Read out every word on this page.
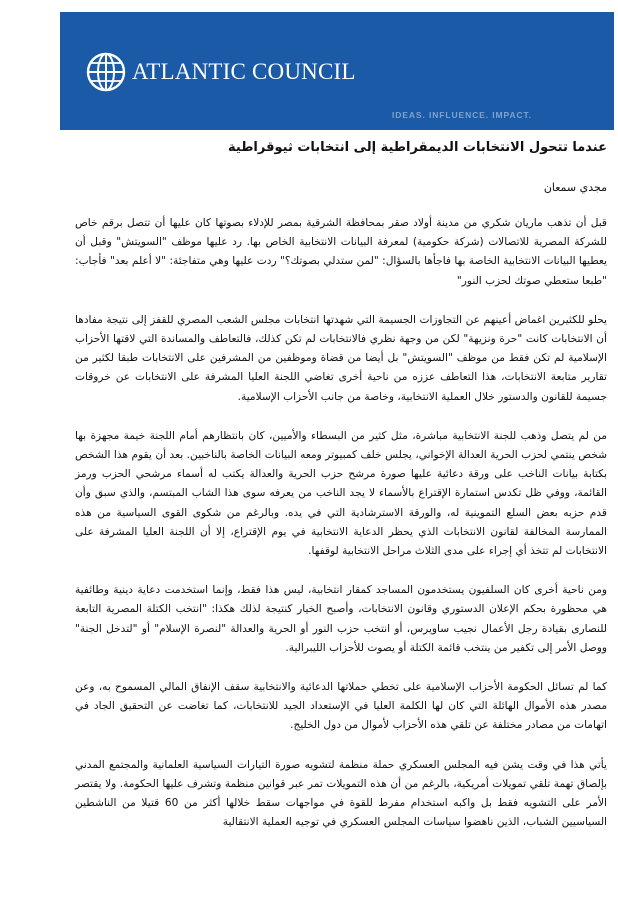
ATLANTIC COUNCIL
IDEAS. INFLUENCE. IMPACT.
عندما تتحول الانتخابات الديمقراطية إلى انتخابات ثيوقراطية
مجدي سمعان

قبل أن تذهب ماريان شكري من مدينة أولاد صقر بمحافظة الشرقية بمصر للإدلاء بصوتها كان عليها أن تتصل برقم خاص للشركة المصرية للاتصالات (شركة حكومية) لمعرفة البيانات الانتخابية الخاص بها. رد عليها موظف "السويتش" وقبل أن يعطيها البيانات الانتخابية الخاصة بها فاجأها بالسؤال: "لمن ستدلي بصوتك؟" ردت عليها وهي متفاجئة: "لا أعلم بعد" فأجاب: "طبعا ستعطي صوتك لحزب النور"

يحلو للكثيرين اغماض أعينهم عن التجاوزات الجسيمة التي شهدتها انتخابات مجلس الشعب المصري للقفز إلى نتيجة مفادها أن الانتخابات كانت "حرة ونزيهة" لكن من وجهة نظري فالانتخابات لم تكن كذلك، فالتعاطف والمساندة التي لاقتها الأحزاب الإسلامية لم تكن فقط من موظف "السويتش" بل أيضا من قضاة وموظفين من المشرفين على الانتخابات طبقا لكثير من تقارير متابعة الانتخابات، هذا التعاطف عززه من ناحية أخرى تغاضي اللجنة العليا المشرفة على الانتخابات عن خروقات جسيمة للقانون والدستور خلال العملية الانتخابية، وخاصة من جانب الأحزاب الإسلامية.

من لم يتصل وذهب للجنة الانتخابية مباشرة، مثل كثير من البسطاء والأميين، كان بانتظارهم أمام اللجنة خيمة مجهزة بها شخص ينتمي لحزب الحرية العدالة الإخواني، يجلس خلف كمبيوتر ومعه البيانات الخاصة بالناخبين. بعد أن يقوم هذا الشخص بكتابة بيانات الناخب على ورقة دعائية عليها صورة مرشح حزب الحرية والعدالة يكتب له أسماء مرشحي الحزب ورمز القائمة، ووفي ظل تكدس استمارة الإقتراع بالأسماء لا يجد الناخب من يعرفه سوى هذا الشاب المبتسم، والذي سبق وأن قدم حزبه بعض السلع التموينية له، والورقة الاسترشادية التي في يده. وبالرغم من شكوى القوى السياسية من هذه الممارسة المخالفة لقانون الانتخابات الذي يحظر الدعاية الانتخابية في يوم الإقتراع، إلا أن اللجنة العليا المشرفة على الانتخابات لم تتخذ أي إجراء على مدى الثلاث مراحل الانتخابية لوقفها.

ومن ناحية أخرى كان السلفيون يستخدمون المساجد كمقار انتخابية، ليس هذا فقط، وإنما استخدمت دعاية دينية وطائفية هي محظورة بحكم الإعلان الدستوري وقانون الانتخابات، وأصبح الخيار كنتيجة لذلك هكذا: "انتخب الكتلة المصرية التابعة للنصارى بقيادة رجل الأعمال نجيب ساويرس، أو انتخب حزب النور أو الحرية والعدالة "لنصرة الإسلام" أو "لتدخل الجنة" ووصل الأمر إلى تكفير من ينتخب قائمة الكتلة أو يصوت للأحزاب الليبرالية.

كما لم تسائل الحكومة الأحزاب الإسلامية على تخطي حملاتها الدعائية والانتخابية سقف الإنفاق المالي المسموح به، وعن مصدر هذه الأموال الهائلة التي كان لها الكلمة العليا في الإستعداد الجيد للانتخابات، كما تغاضت عن التحقيق الجاد في اتهامات من مصادر مختلفة عن تلقي هذه الأحزاب لأموال من دول الخليج.

يأتي هذا في وقت يشن فيه المجلس العسكري حملة منظمة لتشويه صورة التيارات السياسية العلمانية والمجتمع المدني بإلصاق تهمة تلقي تمويلات أمريكية، بالرغم من أن هذه التمويلات تمر عبر قوانين منظمة وتشرف عليها الحكومة. ولا يقتصر الأمر على التشويه فقط بل واكبه استخدام مفرط للقوة في مواجهات سقط خلالها أكثر من 60 قتيلا من الناشطين السياسيين الشباب، الذين ناهضوا سياسات المجلس العسكري في توجيه العملية الانتقالية
